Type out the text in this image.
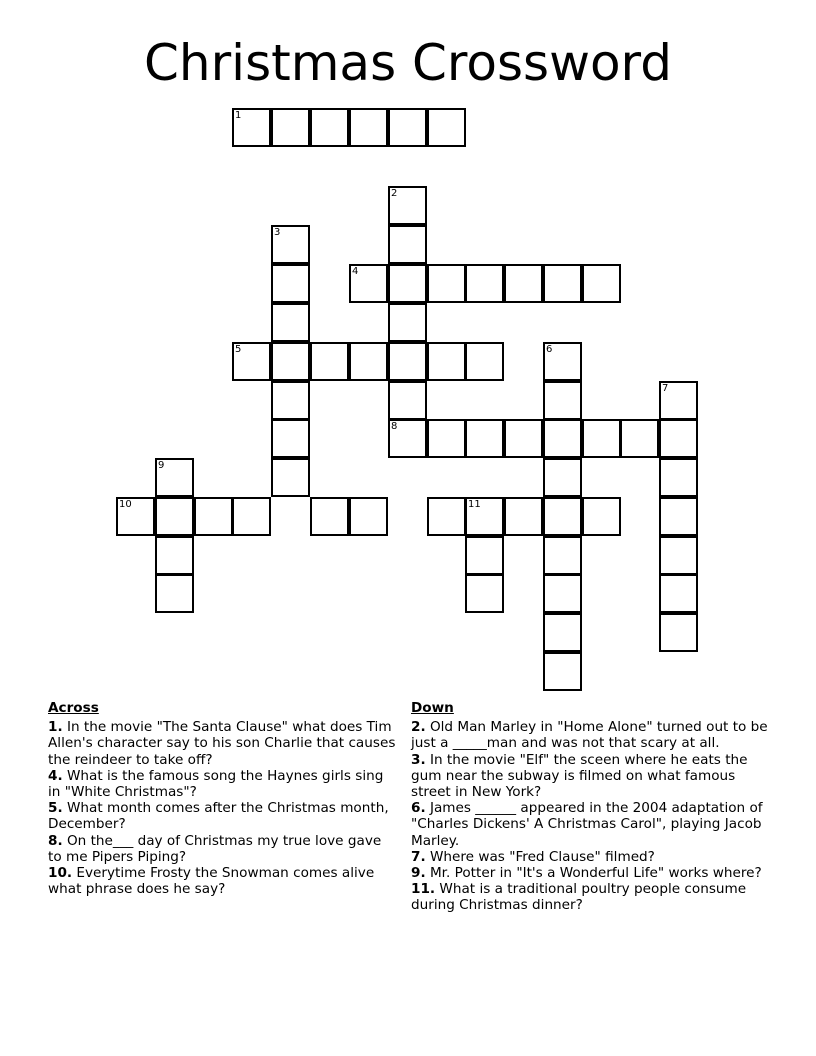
Christmas Crossword
1
2
3
4
5	6
7
8
9
10	11
Across
1. In the movie "The Santa Clause" what does Tim Allen's character say to his son Charlie that causes the reindeer to take off?
4. What is the famous song the Haynes girls sing in "White Christmas"?
5. What month comes after the Christmas month, December?
8. On the___ day of Christmas my true love gave to me Pipers Piping?
10. Everytime Frosty the Snowman comes alive what phrase does he say?
Down
2. Old Man Marley in "Home Alone" turned out to be just a _____man and was not that scary at all.
3. In the movie "Elf" the sceen where he eats the gum near the subway is filmed on what famous street in New York?
6. James ______ appeared in the 2004 adaptation of "Charles Dickens' A Christmas Carol", playing Jacob Marley.
7. Where was "Fred Clause" filmed?
9. Mr. Potter in "It's a Wonderful Life" works where?
11. What is a traditional poultry people consume during Christmas dinner?
